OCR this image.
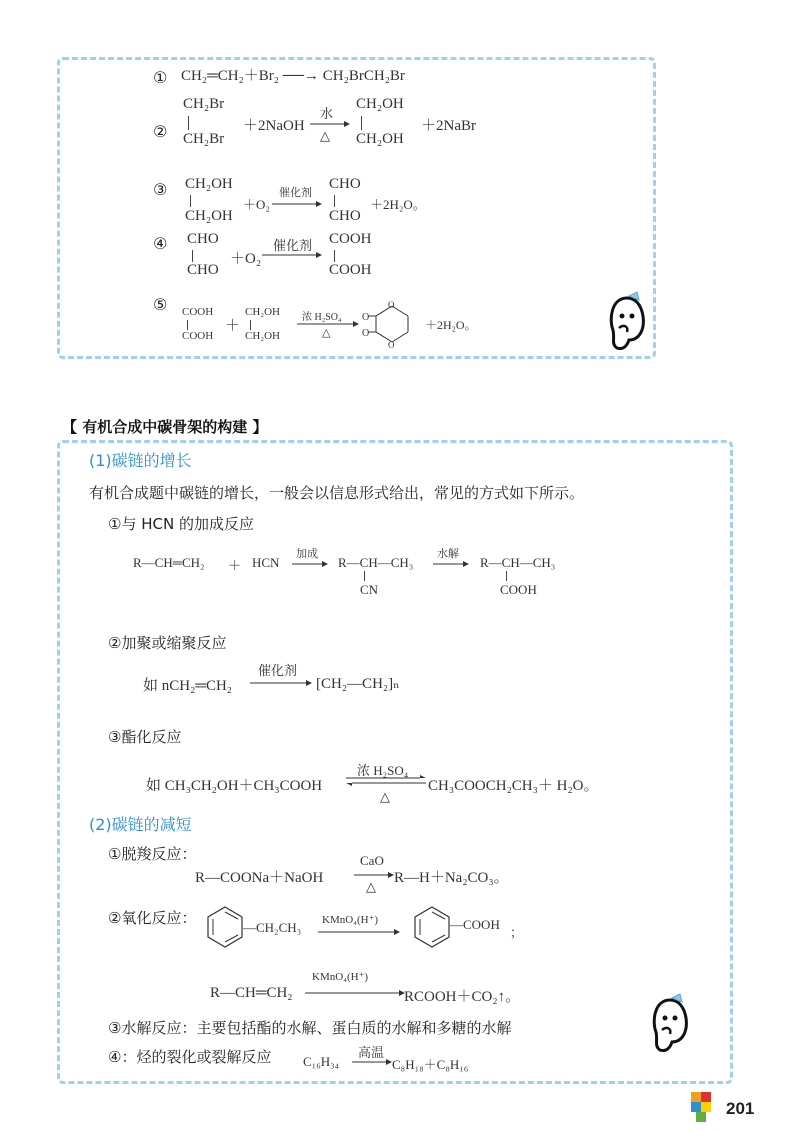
① CH₂═CH₂＋Br₂ ──→ CH₂BrCH₂Br
②
CH₂Br
CH₂Br
＋2NaOH
水
△
CH₂OH
CH₂OH
＋2NaBr
③ CH₂OH
CH₂OH
＋O₂
催化剂
CHO
CHO
＋2H₂O。
④ CHO
CHO
＋O₂
催化剂 COOH
COOH
⑤ COOH
COOH
＋
CH₂OH
CH₂OH
浓 H₂SO₄
△
O
O
O
O
＋2H₂O。
【 有机合成中碳骨架的构建 】
(1)碳链的增长
有机合成题中碳链的增长，一般会以信息形式给出，常见的方式如下所示。
①与 HCN 的加成反应
R—CH═CH₂ ＋ HCN
加成
R—CH—CH₃
CN
水解
R—CH—CH₃
COOH
②加聚或缩聚反应
如 nCH₂═CH₂
催化剂
[CH₂—CH₂]ₙ
③酯化反应
如 CH₃CH₂OH＋CH₃COOH
浓 H₂SO₄
△
CH₃COOCH₂CH₃＋ H₂O。
(2)碳链的减短
①脱羧反应：
R—COONa＋NaOH
CaO
△
R—H＋Na₂CO₃。
②氧化反应：
—CH₂CH₃ KMnO₄(H⁺)	—COOH
；
R—CH═CH₂
KMnO₄(H⁺)
RCOOH＋CO₂↑。
③水解反应：主要包括酯的水解、蛋白质的水解和多糖的水解
④：烃的裂化或裂解反应 C₁₆H₃₄
高温
C₈H₁₈＋C₈H₁₆
201
